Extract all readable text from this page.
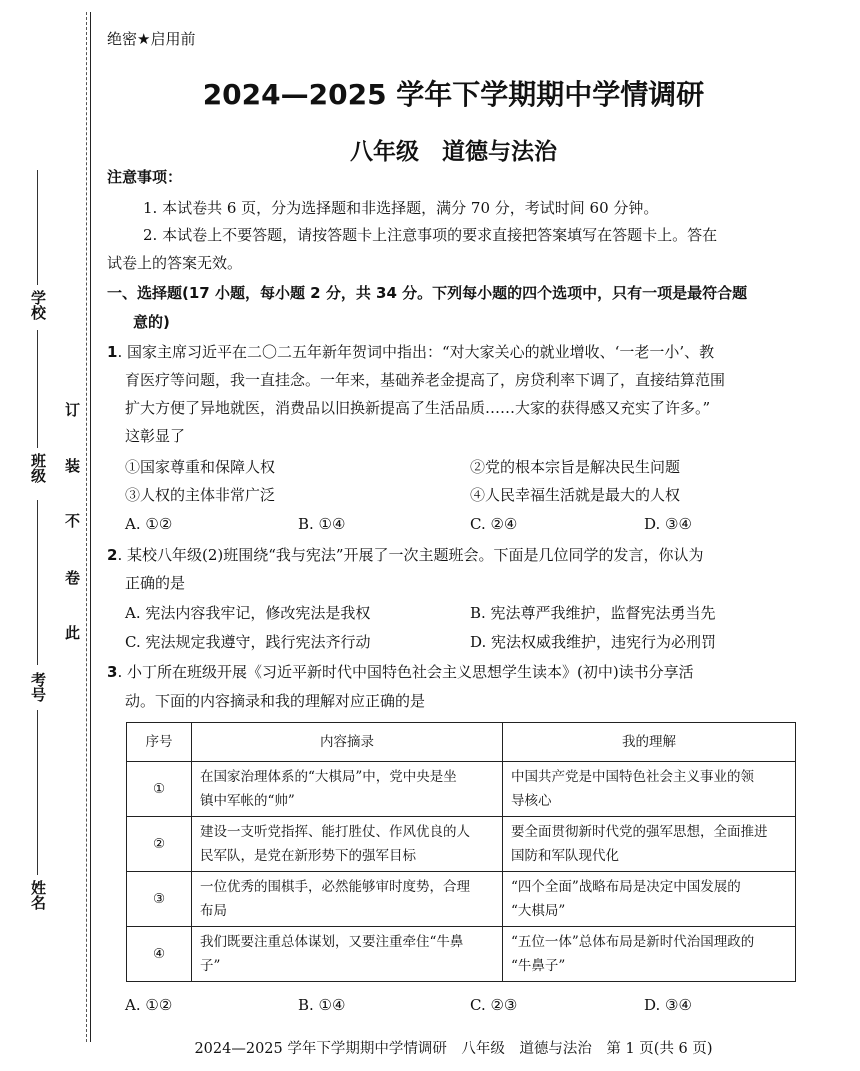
学校
班级
考号
姓名
订
装
不
卷
此
绝密★启用前
2024—2025 学年下学期期中学情调研
八年级　道德与法治
注意事项：
1. 本试卷共 6 页，分为选择题和非选择题，满分 70 分，考试时间 60 分钟。
2. 本试卷上不要答题，请按答题卡上注意事项的要求直接把答案填写在答题卡上。答在
试卷上的答案无效。
一、选择题(17 小题，每小题 2 分，共 34 分。下列每小题的四个选项中，只有一项是最符合题
意的)
1. 国家主席习近平在二〇二五年新年贺词中指出：“对大家关心的就业增收、‘一老一小’、教
育医疗等问题，我一直挂念。一年来，基础养老金提高了，房贷利率下调了，直接结算范围
扩大方便了异地就医，消费品以旧换新提高了生活品质……大家的获得感又充实了许多。”
这彰显了
①国家尊重和保障人权	②党的根本宗旨是解决民生问题
③人权的主体非常广泛	④人民幸福生活就是最大的人权
A. ①②	B. ①④	C. ②④	D. ③④
2. 某校八年级(2)班围绕“我与宪法”开展了一次主题班会。下面是几位同学的发言，你认为
正确的是
A. 宪法内容我牢记，修改宪法是我权	B. 宪法尊严我维护，监督宪法勇当先
C. 宪法规定我遵守，践行宪法齐行动	D. 宪法权威我维护，违宪行为必刑罚
3. 小丁所在班级开展《习近平新时代中国特色社会主义思想学生读本》(初中)读书分享活
动。下面的内容摘录和我的理解对应正确的是
序号	内容摘录	我的理解
①	在国家治理体系的“大棋局”中，党中央是坐
镇中军帐的“帅”	中国共产党是中国特色社会主义事业的领
导核心
②	建设一支听党指挥、能打胜仗、作风优良的人
民军队，是党在新形势下的强军目标	要全面贯彻新时代党的强军思想，全面推进
国防和军队现代化
③	一位优秀的围棋手，必然能够审时度势，合理
布局	“四个全面”战略布局是决定中国发展的
“大棋局”
④	我们既要注重总体谋划，又要注重牵住“牛鼻
子”	“五位一体”总体布局是新时代治国理政的
“牛鼻子”
A. ①②	B. ①④	C. ②③	D. ③④
2024—2025 学年下学期期中学情调研　八年级　道德与法治　第 1 页(共 6 页)
